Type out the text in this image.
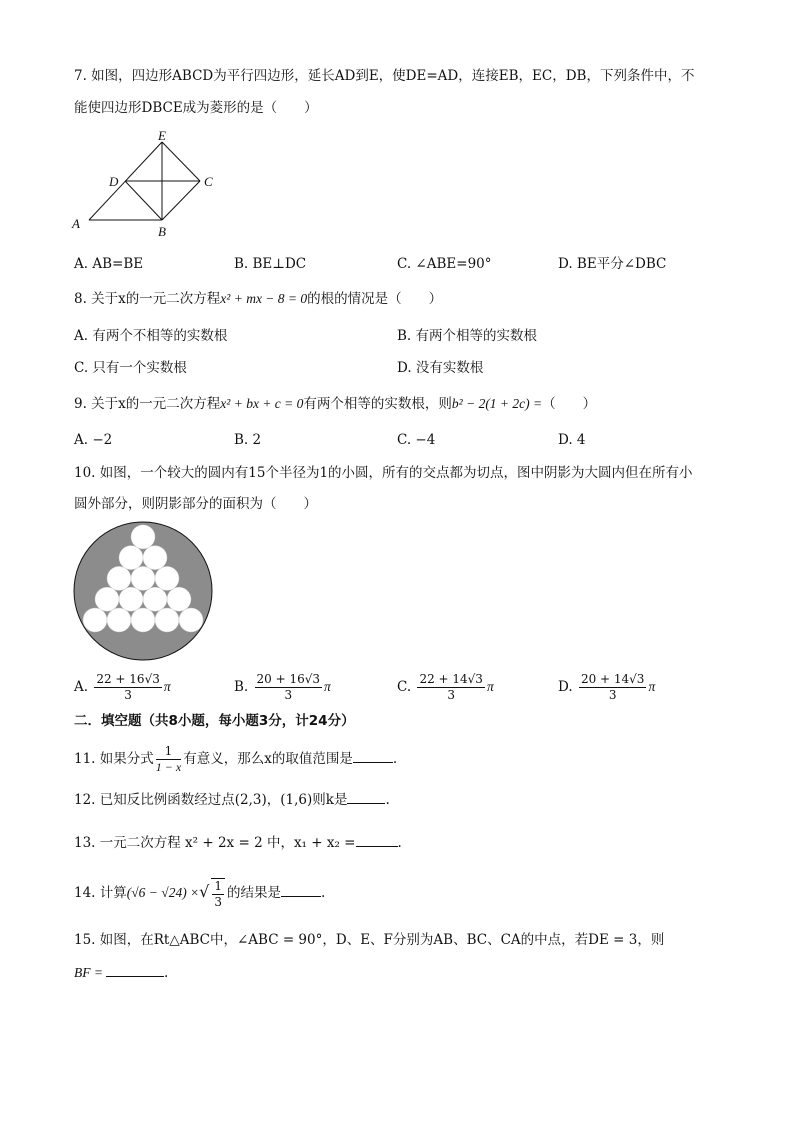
7. 如图，四边形ABCD为平行四边形，延长AD到E，使DE=AD，连接EB，EC，DB，下列条件中，不
能使四边形DBCE成为菱形的是（　　）
E
D	C
A
B
A. AB=BE	B. BE⊥DC	C. ∠ABE=90°	D. BE平分∠DBC
8. 关于x的一元二次方程x² + mx − 8 = 0的根的情况是（　　）
A. 有两个不相等的实数根	B. 有两个相等的实数根
C. 只有一个实数根	D. 没有实数根
9. 关于x的一元二次方程x² + bx + c = 0有两个相等的实数根，则b² − 2(1 + 2c) =（　　）
A. −2	B. 2	C. −4	D. 4
10. 如图，一个较大的圆内有15个半径为1的小圆，所有的交点都为切点，图中阴影为大圆内但在所有小
圆外部分，则阴影部分的面积为（　　）
A. $\frac{22 + 16√3}{3}$ π	B. $\frac{20 + 16√3}{3}$ π	C. $\frac{22 + 14√3}{3}$ π	D. $\frac{20 + 14√3}{3}$ π
二．填空题（共8小题，每小题3分，计24分）
11. 如果分式 $\frac{1}{1 - x}$ 有意义，那么x的取值范围是	.
12. 已知反比例函数经过点(2,3)，(1,6)则k是	.
13. 一元二次方程 x² + 2x = 2 中，x₁ + x₂ =	.
14. 计算(√6 − √24) ×√ $\frac{1}{3}$ 的结果是	.
15. 如图，在Rt△ABC中，∠ABC = 90°，D、E、F分别为AB、BC、CA的中点，若DE = 3，则
BF =	.
